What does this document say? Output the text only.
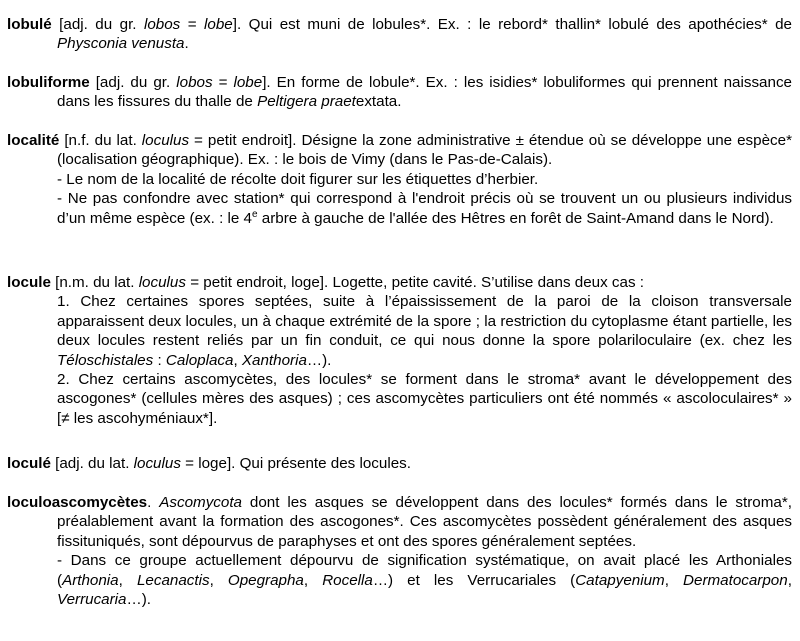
lobulé [adj. du gr. lobos = lobe]. Qui est muni de lobules*. Ex. : le rebord* thallin* lobulé des apothécies* de Physconia venusta.

lobuliforme [adj. du gr. lobos = lobe]. En forme de lobule*. Ex. : les isidies* lobuliformes qui prennent naissance dans les fissures du thalle de Peltigera praetextata.

localité [n.f. du lat. loculus = petit endroit]. Désigne la zone administrative ± étendue où se développe une espèce* (localisation géographique). Ex. : le bois de Vimy (dans le Pas-de-Calais).

- Le nom de la localité de récolte doit figurer sur les étiquettes d’herbier.

- Ne pas confondre avec station* qui correspond à l'endroit précis où se trouvent un ou plusieurs individus d’un même espèce (ex. : le 4e arbre à gauche de l'allée des Hêtres en forêt de Saint-Amand dans le Nord).

locule [n.m. du lat. loculus = petit endroit, loge]. Logette, petite cavité. S’utilise dans deux cas :

1. Chez certaines spores septées, suite à l’épaississement de la paroi de la cloison transversale apparaissent deux locules, un à chaque extrémité de la spore ; la restriction du cytoplasme étant partielle, les deux locules restent reliés par un fin conduit, ce qui nous donne la spore polariloculaire (ex. chez les Téloschistales : Caloplaca, Xanthoria…).

2. Chez certains ascomycètes, des locules* se forment dans le stroma* avant le développement des ascogones* (cellules mères des asques) ; ces ascomycètes particuliers ont été nommés « ascoloculaires* » [≠ les ascohyméniaux*].

loculé [adj. du lat. loculus = loge]. Qui présente des locules.

loculoascomycètes. Ascomycota dont les asques se développent dans des locules* formés dans le stroma*, préalablement avant la formation des ascogones*. Ces ascomycètes possèdent généralement des asques fissituniqués, sont dépourvus de paraphyses et ont des spores généralement septées.

- Dans ce groupe actuellement dépourvu de signification systématique, on avait placé les Arthoniales (Arthonia, Lecanactis, Opegrapha, Rocella…) et les Verrucariales (Catapyenium, Dermatocarpon, Verrucaria…).
